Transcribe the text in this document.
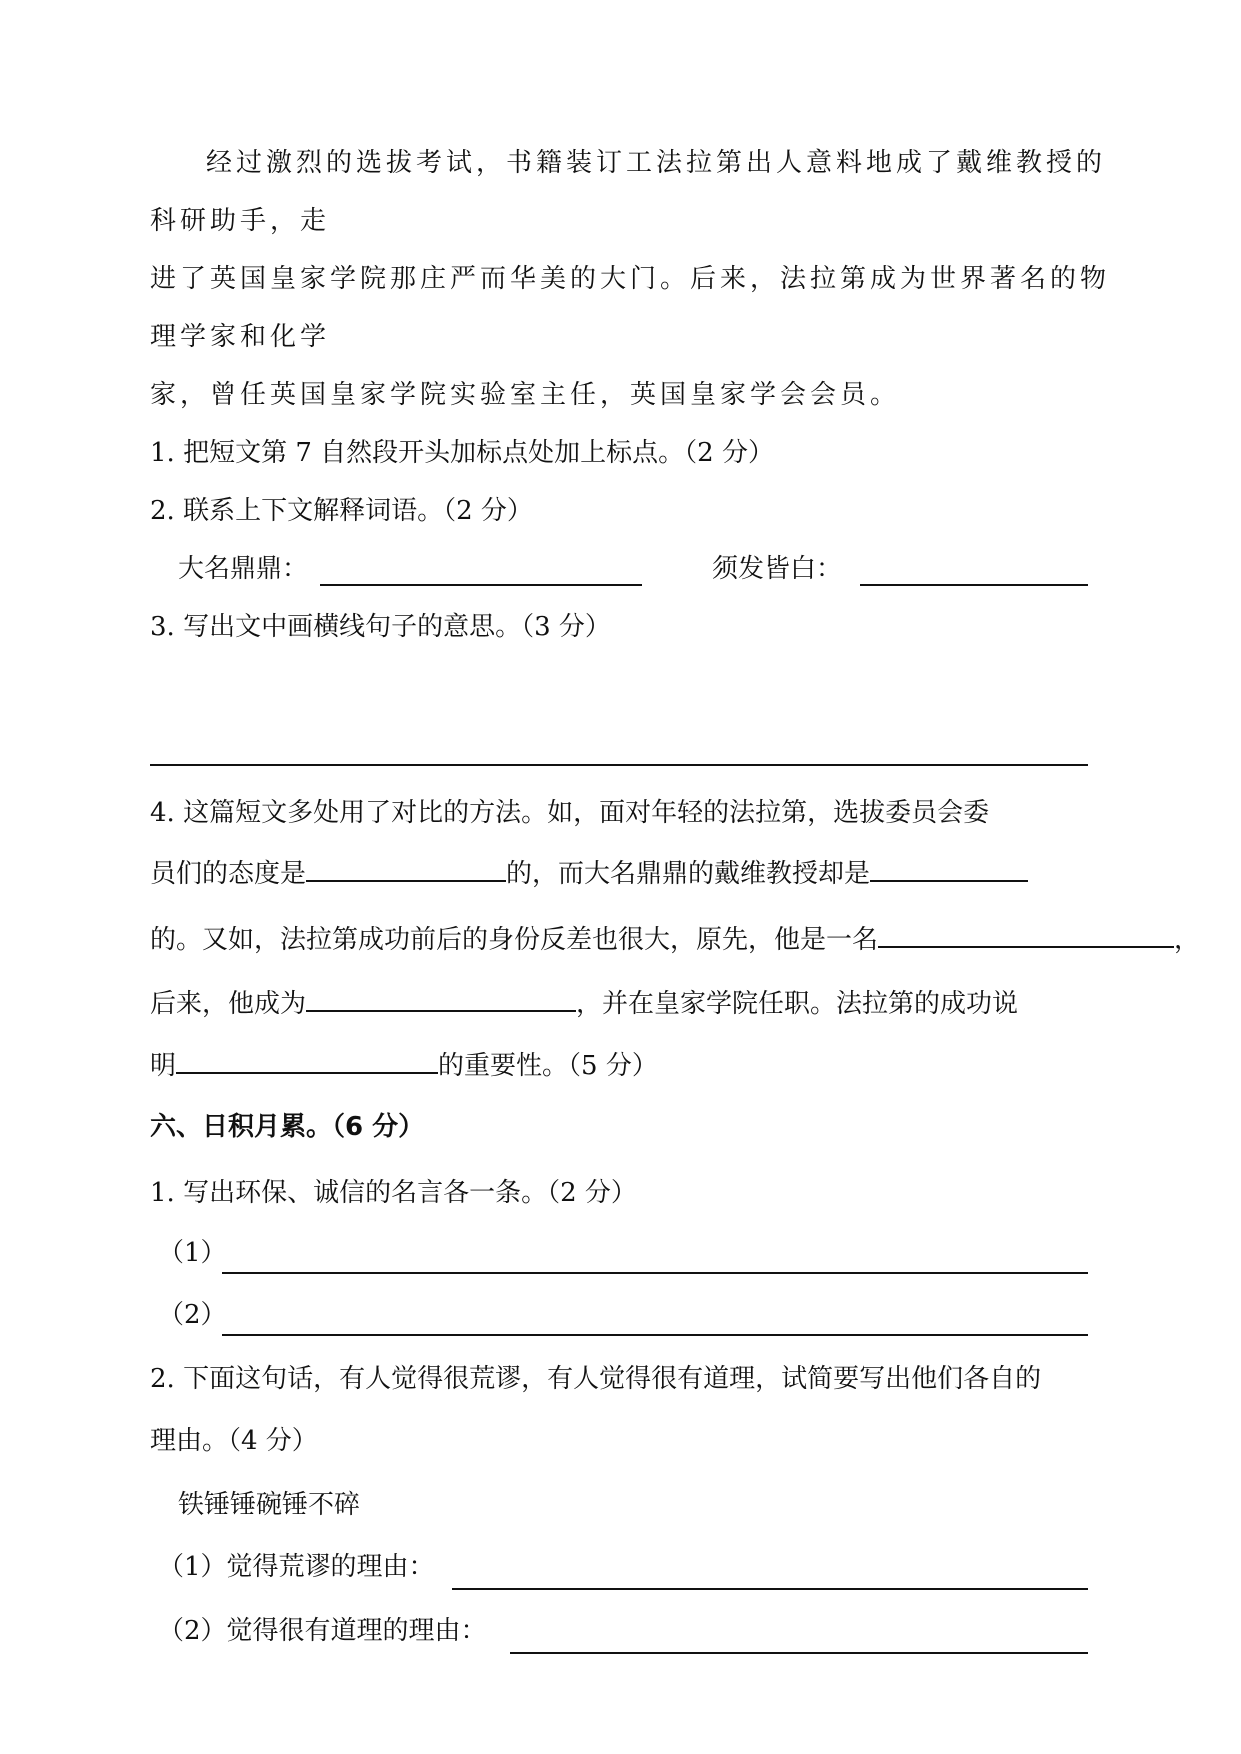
经过激烈的选拔考试，书籍装订工法拉第出人意料地成了戴维教授的
科研助手，走
进了英国皇家学院那庄严而华美的大门。后来，法拉第成为世界著名的物
理学家和化学
家，曾任英国皇家学院实验室主任，英国皇家学会会员。
1. 把短文第 7 自然段开头加标点处加上标点。（2 分）
2. 联系上下文解释词语。（2 分）
大名鼎鼎：	须发皆白：
3. 写出文中画横线句子的意思。（3 分）
4. 这篇短文多处用了对比的方法。如，面对年轻的法拉第，选拔委员会委
员们的态度是	的，而大名鼎鼎的戴维教授却是
的。又如，法拉第成功前后的身份反差也很大，原先，他是一名	，
后来，他成为	，并在皇家学院任职。法拉第的成功说
明	的重要性。（5 分）
六、日积月累。（6 分）
1. 写出环保、诚信的名言各一条。（2 分）
（1）
（2）
2. 下面这句话，有人觉得很荒谬，有人觉得很有道理，试简要写出他们各自的
理由。（4 分）
铁锤锤碗锤不碎
（1）觉得荒谬的理由：
（2）觉得很有道理的理由：
